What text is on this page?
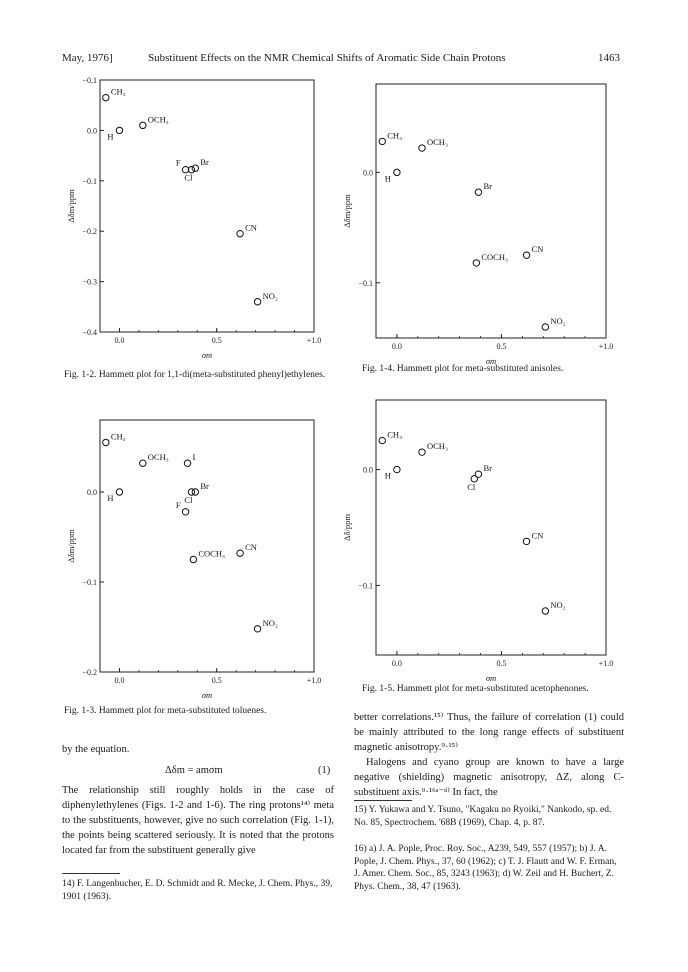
May, 1976]	Substituent Effects on the NMR Chemical Shifts of Aromatic Side Chain Protons	1463
0.0	0.5	+1.0
−0.1
0.0
−0.1
−0.2
−0.3
−0.4
σm
Δδm/ppm
CH₃
H
OCH₃
F
Cl
Br
CN
NO₂
0.0	0.5	+1.0
0.0
−0.1
σm
Δδm/ppm
CH₃
OCH₃
H
Br
COCH₃
CN
NO₂
0.0	0.5	+1.0
0.0
−0.1
−0.2
σm
Δδm/ppm
CH₃
OCH₃	I
H	Cl
Br
F
COCH₃
CN
NO₂
0.0	0.5	+1.0
0.0
−0.1
σm
Δδ/ppm
CH₃
OCH₃
H
Cl
Br
CN
NO₂
Fig. 1-2. Hammett plot for 1,1-di(meta-substituted phenyl)ethylenes.
Fig. 1-4. Hammett plot for meta-substituted anisoles.
Fig. 1-3. Hammett plot for meta-substituted toluenes.
Fig. 1-5. Hammett plot for meta-substituted acetophenones.
by the equation.
Δδm = amσm	(1)

The relationship still roughly holds in the case of diphenylethylenes (Figs. 1-2 and 1-6). The ring protons¹⁴⁾ meta to the substituents, however, give no such correlation (Fig. 1-1), the points being scattered seriously. It is noted that the protons located far from the substituent generally give

14) F. Langenbucher, E. D. Schmidt and R. Mecke, J. Chem. Phys., 39, 1901 (1963).

better correlations.¹⁵⁾ Thus, the failure of correlation (1) could be mainly attributed to the long range effects of substituent magnetic anisotropy.⁹·¹⁵⁾

Halogens and cyano group are known to have a large negative (shielding) magnetic anisotropy, ΔZ, along C-substituent axis.⁹·¹⁶ᵃ⁻ᵈ⁾ In fact, the

15) Y. Yukawa and Y. Tsuno, "Kagaku no Ryoiki," Nankodo, sp. ed. No. 85, Spectrochem. '68B (1969), Chap. 4, p. 87.
16) a) J. A. Pople, Proc. Roy. Soc., A239, 549, 557 (1957); b) J. A. Pople, J. Chem. Phys., 37, 60 (1962); c) T. J. Flautt and W. F. Erman, J. Amer. Chem. Soc., 85, 3243 (1963); d) W. Zeil and H. Buchert, Z. Phys. Chem., 38, 47 (1963).
